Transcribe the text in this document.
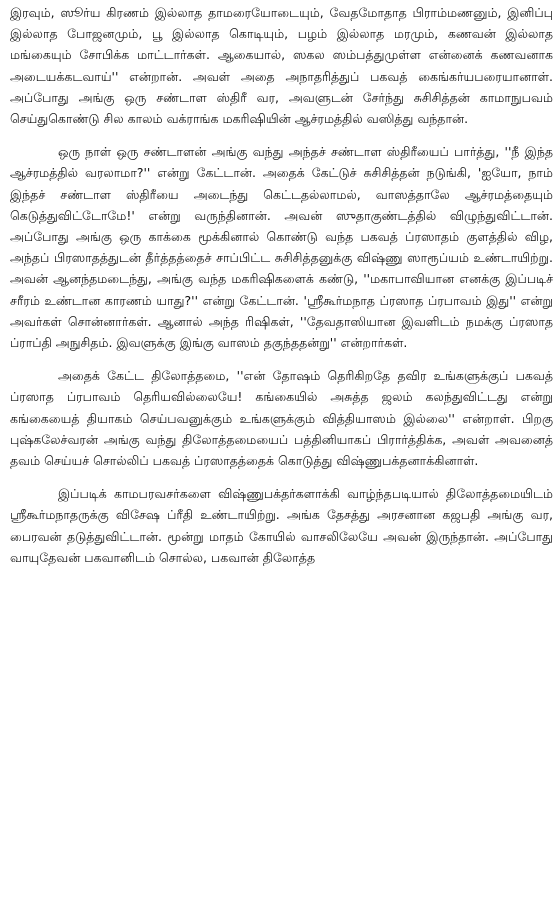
இரவும், ஸூர்ய கிரணம் இல்லாத தாமரையோடையும், வேதமோதாத பிராம்மணனும், இனிப்பு இல்லாத போஜனமும், பூ இல்லாத கொடியும், பழம் இல்லாத மரமும், கணவன் இல்லாத மங்கையும் சோபிக்க மாட்டார்கள். ஆகையால், ஸகல ஸம்பத்துமுள்ள என்னைக் கணவனாக அடையக்கடவாய்'' என்றான். அவள் அதை அநாதரித்துப் பகவத் கைங்கர்யபரையானாள். அப்போது அங்கு ஒரு சண்டாள ஸ்திரீ வர, அவளுடன் சேர்ந்து சுசிசித்தன் காமாநுபவம் செய்துகொண்டு சில காலம் வக்ராங்க மகரிஷியின் ஆச்ரமத்தில் வஸித்து வந்தான்.

ஒரு நாள் ஒரு சண்டாளன் அங்கு வந்து அந்தச் சண்டாள ஸ்திரீயைப் பார்த்து, ''நீ இந்த ஆச்ரமத்தில் வரலாமா?'' என்று கேட்டான். அதைக் கேட்டுச் சுசிசித்தன் நடுங்கி, 'ஐயோ, நாம் இந்தச் சண்டாள ஸ்திரீயை அடைந்து கெட்டதல்லாமல், வாஸத்தாலே ஆச்ரமத்தையும் கெடுத்துவிட்டோமே!' என்று வருந்தினான். அவன் ஸுதாகுண்டத்தில் விழுந்துவிட்டான். அப்போது அங்கு ஒரு காக்கை மூக்கினால் கொண்டு வந்த பகவத் ப்ரஸாதம் குளத்தில் விழ, அந்தப் பிரஸாதத்துடன் தீர்த்தத்தைச் சாப்பிட்ட சுசிசித்தனுக்கு விஷ்ணு ஸாரூப்யம் உண்டாயிற்று. அவன் ஆனந்தமடைந்து, அங்கு வந்த மகரிஷிகளைக் கண்டு, ''மகாபாவியான எனக்கு இப்படிச் சரீரம் உண்டான காரணம் யாது?'' என்று கேட்டான். 'ஸ்ரீகூர்மநாத ப்ரஸாத ப்ரபாவம் இது'' என்று அவர்கள் சொன்னார்கள். ஆனால் அந்த ரிஷிகள், ''தேவதாஸியான இவளிடம் நமக்கு ப்ரஸாத ப்ராப்தி அநுசிதம். இவளுக்கு இங்கு வாஸம் தகுந்ததன்று'' என்றார்கள்.

அதைக் கேட்ட திலோத்தமை, ''என் தோஷம் தெரிகிறதே தவிர உங்களுக்குப் பகவத் ப்ரஸாத ப்ரபாவம் தெரியவில்லையே! கங்கையில் அசுத்த ஜலம் கலந்துவிட்டது என்று கங்கையைத் தியாகம் செய்பவனுக்கும் உங்களுக்கும் வித்தியாஸம் இல்லை'' என்றாள். பிறகு புஷ்கலேச்வரன் அங்கு வந்து திலோத்தமையைப் பத்தினியாகப் பிரார்த்திக்க, அவள் அவனைத் தவம் செய்யச் சொல்லிப் பகவத் ப்ரஸாதத்தைக் கொடுத்து விஷ்ணுபக்தனாக்கினாள்.

இப்படிக் காமபரவசர்களை விஷ்ணுபக்தர்களாக்கி வாழ்ந்தபடியால் திலோத்தமையிடம் ஸ்ரீகூர்மநாதருக்கு விசேஷ ப்ரீதி உண்டாயிற்று. அங்க தேசத்து அரசனான கஜபதி அங்கு வர, பைரவன் தடுத்துவிட்டான். மூன்று மாதம் கோயில் வாசலிலேயே அவன் இருந்தான். அப்போது வாயுதேவன் பகவானிடம் சொல்ல, பகவான் திலோத்த
